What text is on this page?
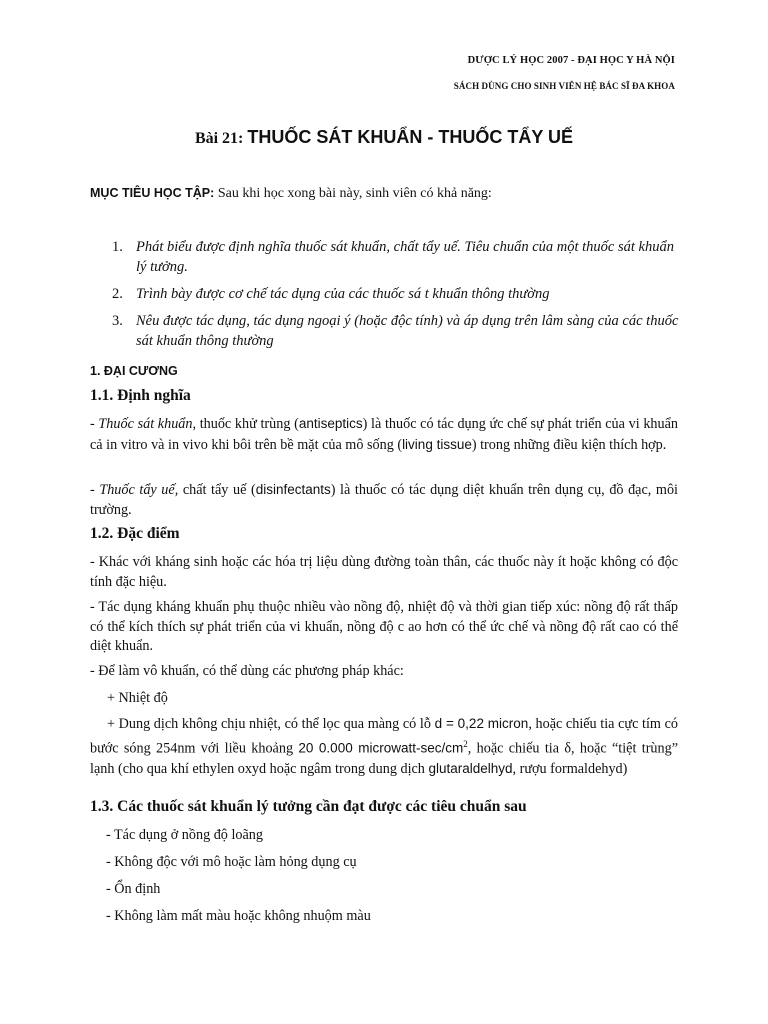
DƯỢC LÝ HỌC 2007 - ĐẠI HỌC Y HÀ NỘI
SÁCH DÙNG CHO SINH VIÊN HỆ BÁC SĨ ĐA KHOA
Bài 21: THUỐC SÁT KHUẨN - THUỐC TẨY UẾ
MỤC TIÊU HỌC TẬP: Sau khi học xong bài này, sinh viên có khả năng:
1. Phát biểu được định nghĩa thuốc sát khuẩn, chất tẩy uế. Tiêu chuẩn của một thuốc sát khuẩn lý tưởng.
2. Trình bày được cơ chế tác dụng của các thuốc sá t khuẩn thông thường
3. Nêu được tác dụng, tác dụng ngoại ý (hoặc độc tính) và áp dụng trên lâm sàng của các thuốc sát khuẩn thông thường
1. ĐẠI CƯƠNG
1.1. Định nghĩa
- Thuốc sát khuẩn, thuốc khử trùng (antiseptics) là thuốc có tác dụng ức chế sự phát triển của vi khuẩn cả in vitro và in vivo khi bôi trên bề mặt của mô sống (living tissue) trong những điều kiện thích hợp.
- Thuốc tẩy uế, chất tẩy uế (disinfectants) là thuốc có tác dụng diệt khuẩn trên dụng cụ, đồ đạc, môi trường.
1.2. Đặc điểm
- Khác với kháng sinh hoặc các hóa trị liệu dùng đường toàn thân, các thuốc này ít hoặc không có độc tính đặc hiệu.
- Tác dụng kháng khuẩn phụ thuộc nhiều vào nồng độ, nhiệt độ và thời gian tiếp xúc: nồng độ rất thấp có thể kích thích sự phát triển của vi khuẩn, nồng độ c ao hơn có thể ức chế và nồng độ rất cao có thể diệt khuẩn.
- Để làm vô khuẩn, có thể dùng các phương pháp khác:
+ Nhiệt độ
+ Dung dịch không chịu nhiệt, có thể lọc qua màng có lỗ d = 0,22 micron, hoặc chiếu tia cực tím có bước sóng 254nm với liều khoảng 20 0.000 microwatt-$\sec/cm^2$, hoặc chiếu tia δ, hoặc “tiệt trùng” lạnh (cho qua khí ethylen oxyd hoặc ngâm trong dung dịch glutaraldelhyd, rượu formaldehyd)
1.3. Các thuốc sát khuẩn lý tưởng cần đạt được các tiêu chuẩn sau
- Tác dụng ở nồng độ loãng
- Không độc với mô hoặc làm hỏng dụng cụ
- Ổn định
- Không làm mất màu hoặc không nhuộm màu
